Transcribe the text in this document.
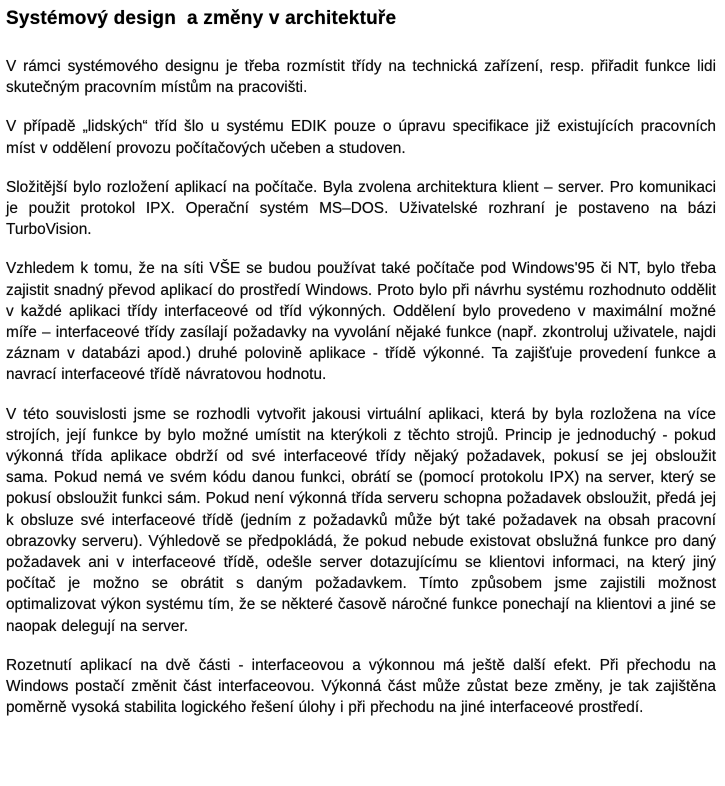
Systémový design  a změny v architektuře

V rámci systémového designu je třeba rozmístit třídy na technická zařízení, resp. přiřadit funkce lidi skutečným pracovním místům na pracovišti.

V případě „lidských“ tříd šlo u systému EDIK pouze o úpravu specifikace již existujících pracovních míst v oddělení provozu počítačových učeben a studoven.

Složitější bylo rozložení aplikací na počítače. Byla zvolena architektura klient – server. Pro komunikaci je použit protokol IPX. Operační systém MS–DOS. Uživatelské rozhraní je postaveno na bázi TurboVision.

Vzhledem k tomu, že na síti VŠE se budou používat také počítače pod Windows'95 či NT, bylo třeba zajistit snadný převod aplikací do prostředí Windows. Proto bylo při návrhu systému rozhodnuto oddělit v každé aplikaci třídy interfaceové od tříd výkonných. Oddělení bylo provedeno v maximální možné míře – interfaceové třídy zasílají požadavky na vyvolání nějaké funkce (např. zkontroluj uživatele, najdi záznam v databázi apod.) druhé polovině aplikace - třídě výkonné. Ta zajišťuje provedení funkce a navrací interfaceové třídě návratovou hodnotu.

V této souvislosti jsme se rozhodli vytvořit jakousi virtuální aplikaci, která by byla rozložena na více strojích, její funkce by bylo možné umístit na kterýkoli z těchto strojů. Princip je jednoduchý - pokud výkonná třída aplikace obdrží od své interfaceové třídy nějaký požadavek, pokusí se jej obsloužit sama. Pokud nemá ve svém kódu danou funkci, obrátí se (pomocí protokolu IPX) na server, který se pokusí obsloužit funkci sám. Pokud není výkonná třída serveru schopna požadavek obsloužit, předá jej k obsluze své interfaceové třídě (jedním z požadavků může být také požadavek na obsah pracovní obrazovky serveru). Výhledově se předpokládá, že pokud nebude existovat obslužná funkce pro daný požadavek ani v interfaceové třídě, odešle server dotazujícímu se klientovi informaci, na který jiný počítač je možno se obrátit s daným požadavkem. Tímto způsobem jsme zajistili možnost optimalizovat výkon systému tím, že se některé časově náročné funkce ponechají na klientovi a jiné se naopak delegují na server.

Rozetnutí aplikací na dvě části - interfaceovou a výkonnou má ještě další efekt. Při přechodu na Windows postačí změnit část interfaceovou. Výkonná část může zůstat beze změny, je tak zajištěna poměrně vysoká stabilita logického řešení úlohy i při přechodu na jiné interfaceové prostředí.
